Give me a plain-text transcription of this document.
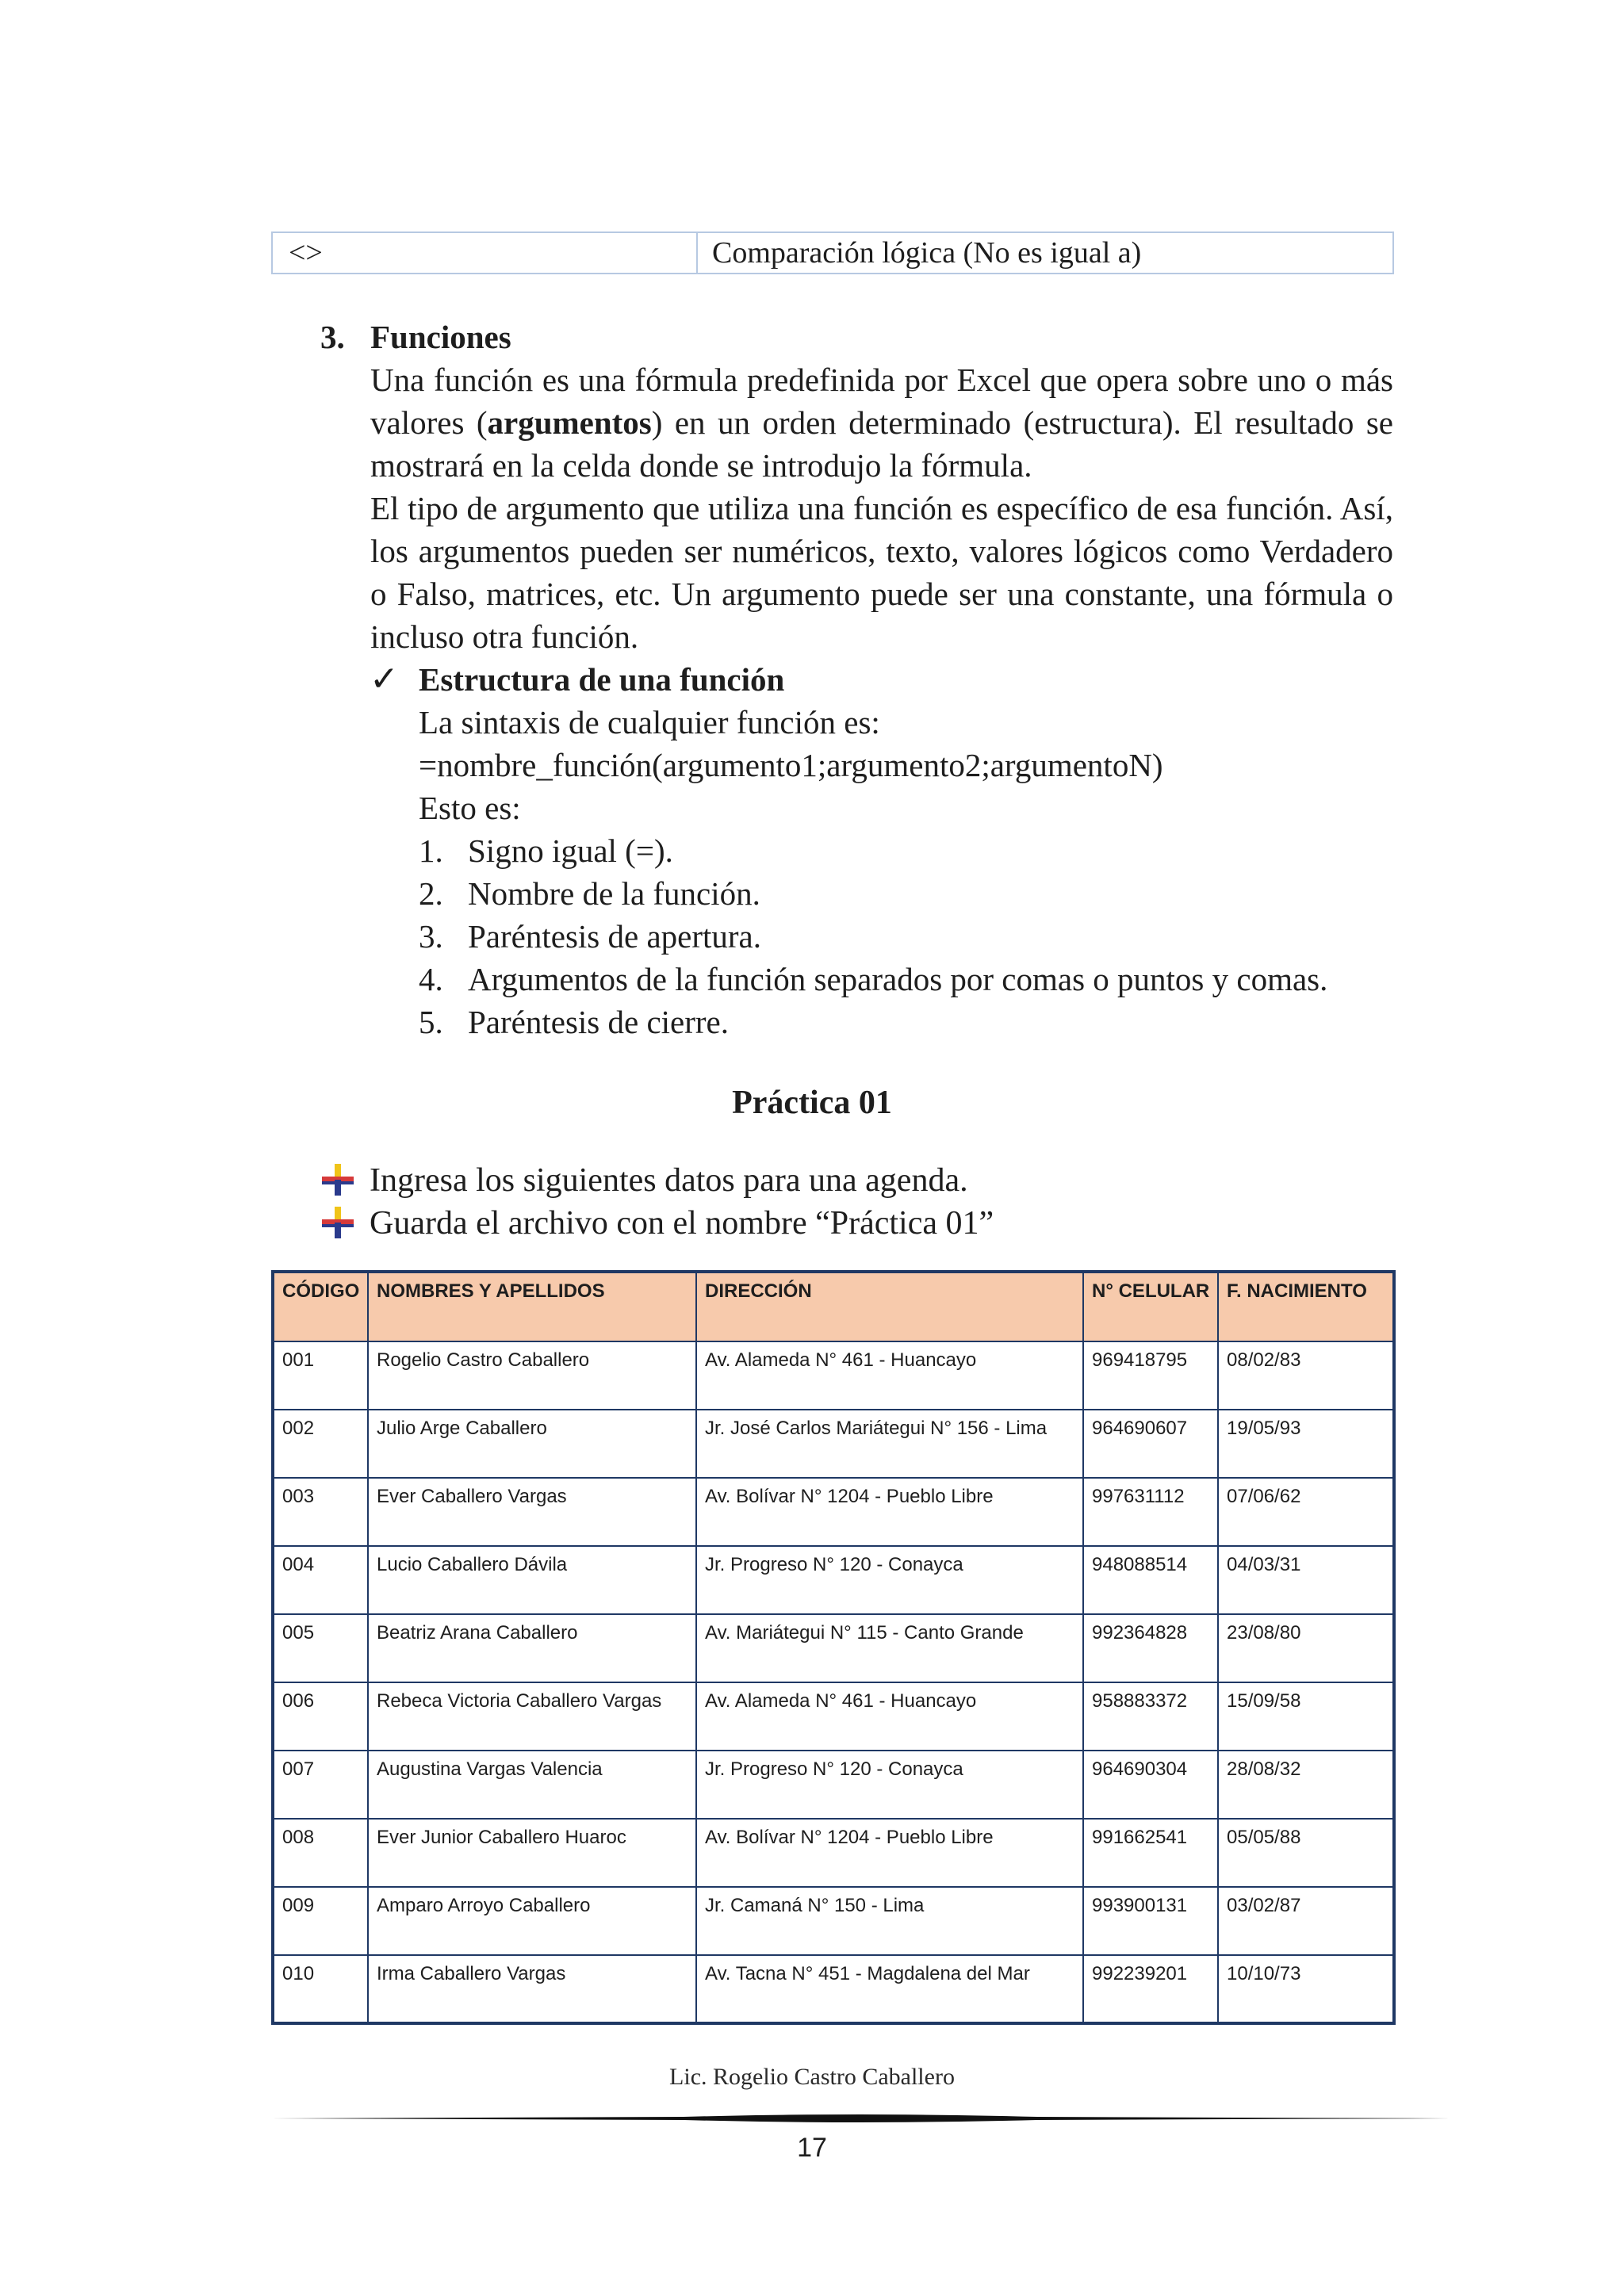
<>	Comparación lógica (No es igual a)
3. Funciones

Una función es una fórmula predefinida por Excel que opera sobre uno o más valores (argumentos) en un orden determinado (estructura). El resultado se mostrará en la celda donde se introdujo la fórmula.

El tipo de argumento que utiliza una función es específico de esa función. Así, los argumentos pueden ser numéricos, texto, valores lógicos como Verdadero o Falso, matrices, etc. Un argumento puede ser una constante, una fórmula o incluso otra función.

✓ Estructura de una función
La sintaxis de cualquier función es:
=nombre_función(argumento1;argumento2;argumentoN)
Esto es:
1. Signo igual (=).
2. Nombre de la función.
3. Paréntesis de apertura.
4. Argumentos de la función separados por comas o puntos y comas.
5. Paréntesis de cierre.
Práctica 01
Ingresa los siguientes datos para una agenda.
Guarda el archivo con el nombre “Práctica 01”
CÓDIGO	NOMBRES Y APELLIDOS	DIRECCIÓN	N° CELULAR	F. NACIMIENTO
001	Rogelio Castro Caballero	Av. Alameda N° 461 - Huancayo	969418795	08/02/83
002	Julio Arge Caballero	Jr. José Carlos Mariátegui N° 156 - Lima	964690607	19/05/93
003	Ever Caballero Vargas	Av. Bolívar N° 1204 - Pueblo Libre	997631112	07/06/62
004	Lucio Caballero Dávila	Jr. Progreso N° 120 - Conayca	948088514	04/03/31
005	Beatriz Arana Caballero	Av. Mariátegui N° 115 - Canto Grande	992364828	23/08/80
006	Rebeca Victoria Caballero Vargas	Av. Alameda N° 461 - Huancayo	958883372	15/09/58
007	Augustina Vargas Valencia	Jr. Progreso N° 120 - Conayca	964690304	28/08/32
008	Ever Junior Caballero Huaroc	Av. Bolívar N° 1204 - Pueblo Libre	991662541	05/05/88
009	Amparo Arroyo Caballero	Jr. Camaná N° 150 - Lima	993900131	03/02/87
010	Irma Caballero Vargas	Av. Tacna N° 451 - Magdalena del Mar	992239201	10/10/73
Lic. Rogelio Castro Caballero
17
